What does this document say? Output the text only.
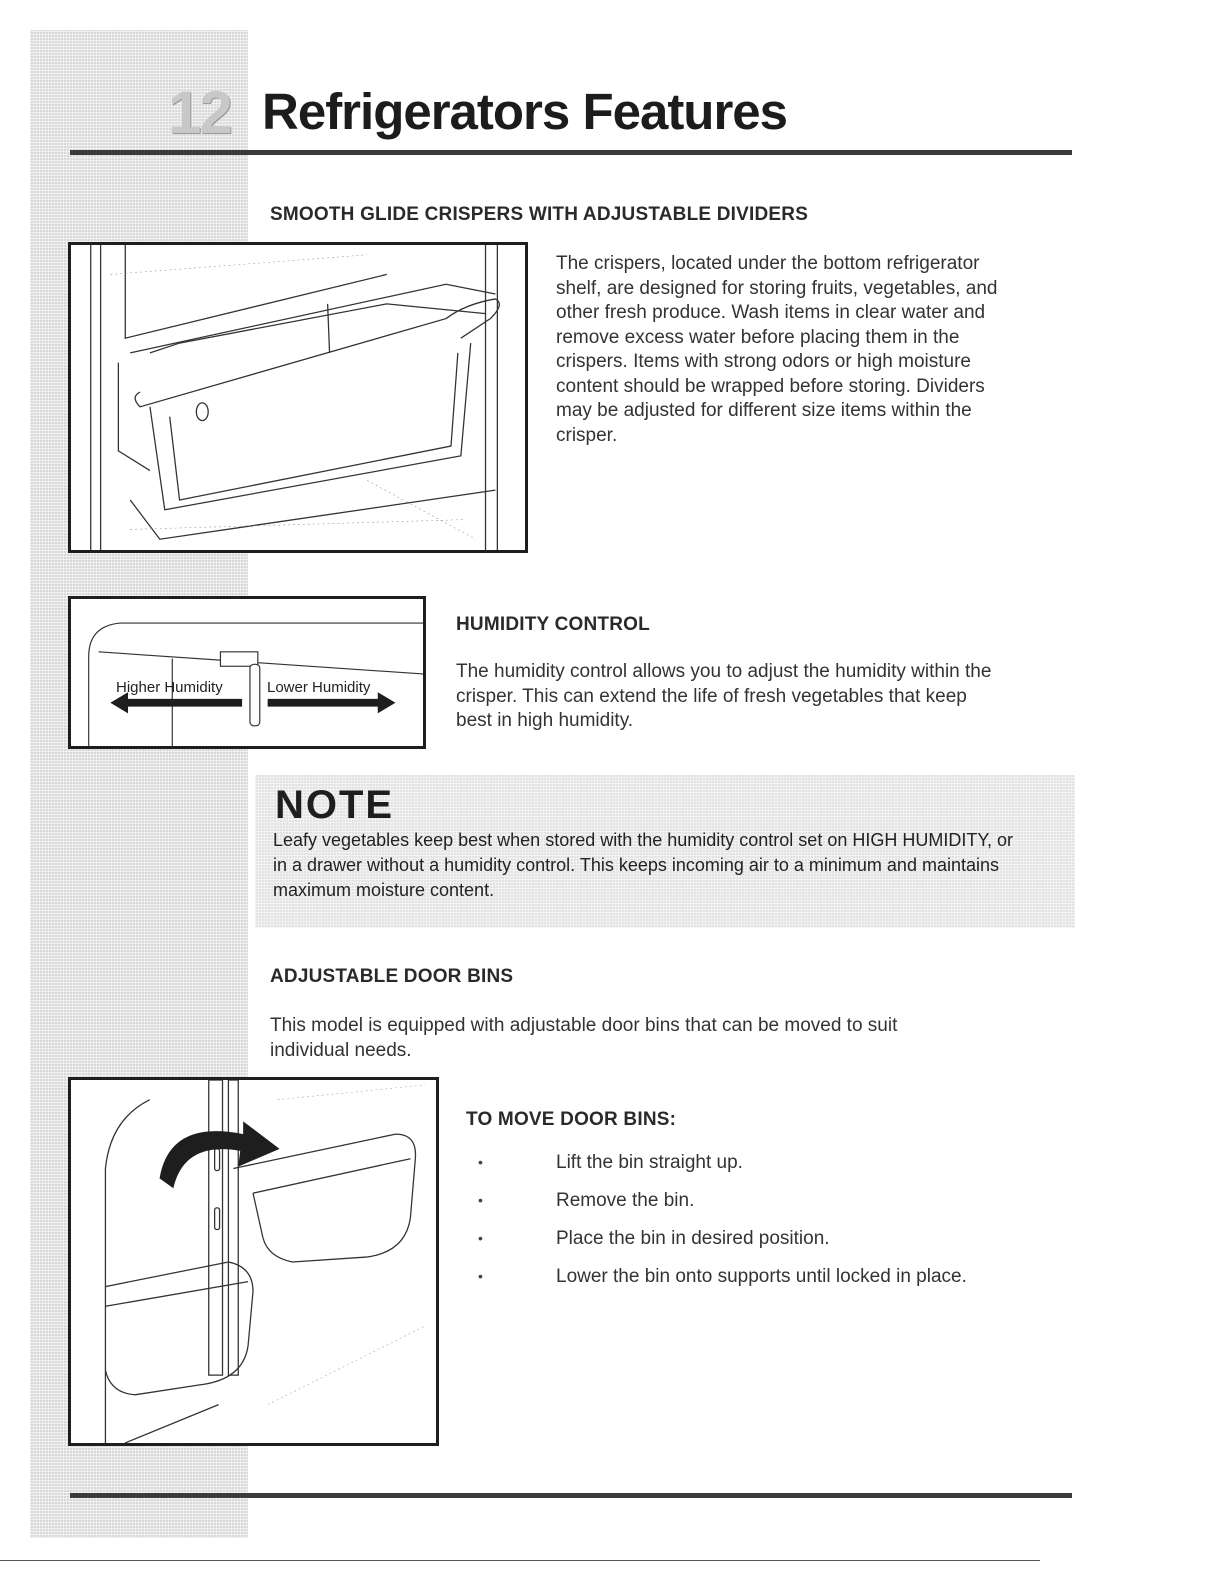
12 Refrigerators Features
SMOOTH GLIDE CRISPERS WITH ADJUSTABLE DIVIDERS
The crispers, located under the bottom refrigerator
shelf, are designed for storing fruits, vegetables, and
other fresh produce. Wash items in clear water and
remove excess water before placing them in the
crispers. Items with strong odors or high moisture
content should be wrapped before storing. Dividers
may be adjusted for different size items within the
crisper.
Higher Humidity	Lower Humidity
HUMIDITY CONTROL
The humidity control allows you to adjust the humidity within the
crisper. This can extend the life of fresh vegetables that keep
best in high humidity.
NOTE
Leafy vegetables keep best when stored with the humidity control set on HIGH HUMIDITY, or
in a drawer without a humidity control. This keeps incoming air to a minimum and maintains
maximum moisture content.
ADJUSTABLE DOOR BINS
This model is equipped with adjustable door bins that can be moved to suit
individual needs.
TO MOVE DOOR BINS:
•	Lift the bin straight up.
•	Remove the bin.
•	Place the bin in desired position.
•	Lower the bin onto supports until locked in place.
